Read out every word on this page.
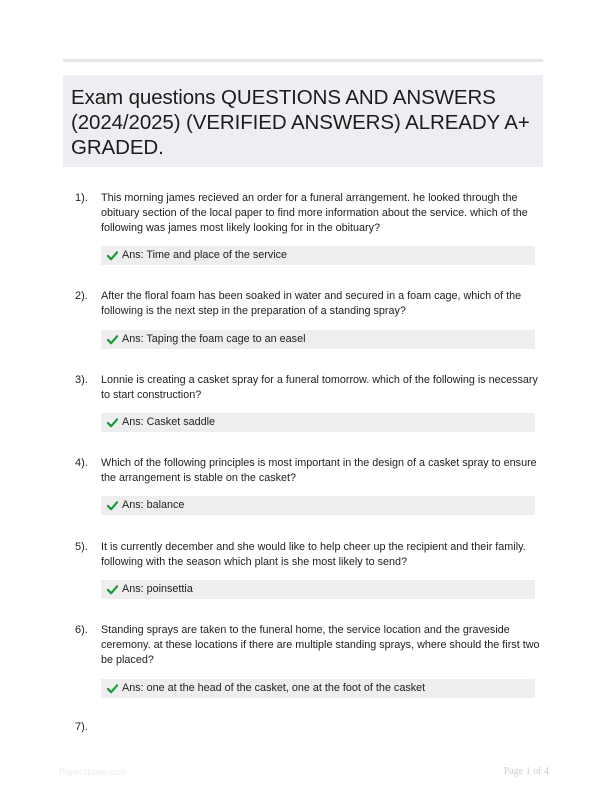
Exam questions QUESTIONS AND ANSWERS (2024/2025) (VERIFIED ANSWERS) ALREADY A+ GRADED.
1). This morning james recieved an order for a funeral arrangement. he looked through the obituary section of the local paper to find more information about the service. which of the following was james most likely looking for in the obituary?
Ans: Time and place of the service
2). After the floral foam has been soaked in water and secured in a foam cage, which of the following is the next step in the preparation of a standing spray?
Ans: Taping the foam cage to an easel
3). Lonnie is creating a casket spray for a funeral tomorrow. which of the following is necessary to start construction?
Ans: Casket saddle
4). Which of the following principles is most important in the design of a casket spray to ensure the arrangement is stable on the casket?
Ans: balance
5). It is currently december and she would like to help cheer up the recipient and their family. following with the season which plant is she most likely to send?
Ans: poinsettia
6). Standing sprays are taken to the funeral home, the service location and the graveside ceremony. at these locations if there are multiple standing sprays, where should the first two be placed?
Ans: one at the head of the casket, one at the foot of the casket
7).
Papersbase.com	Page 1 of 4
